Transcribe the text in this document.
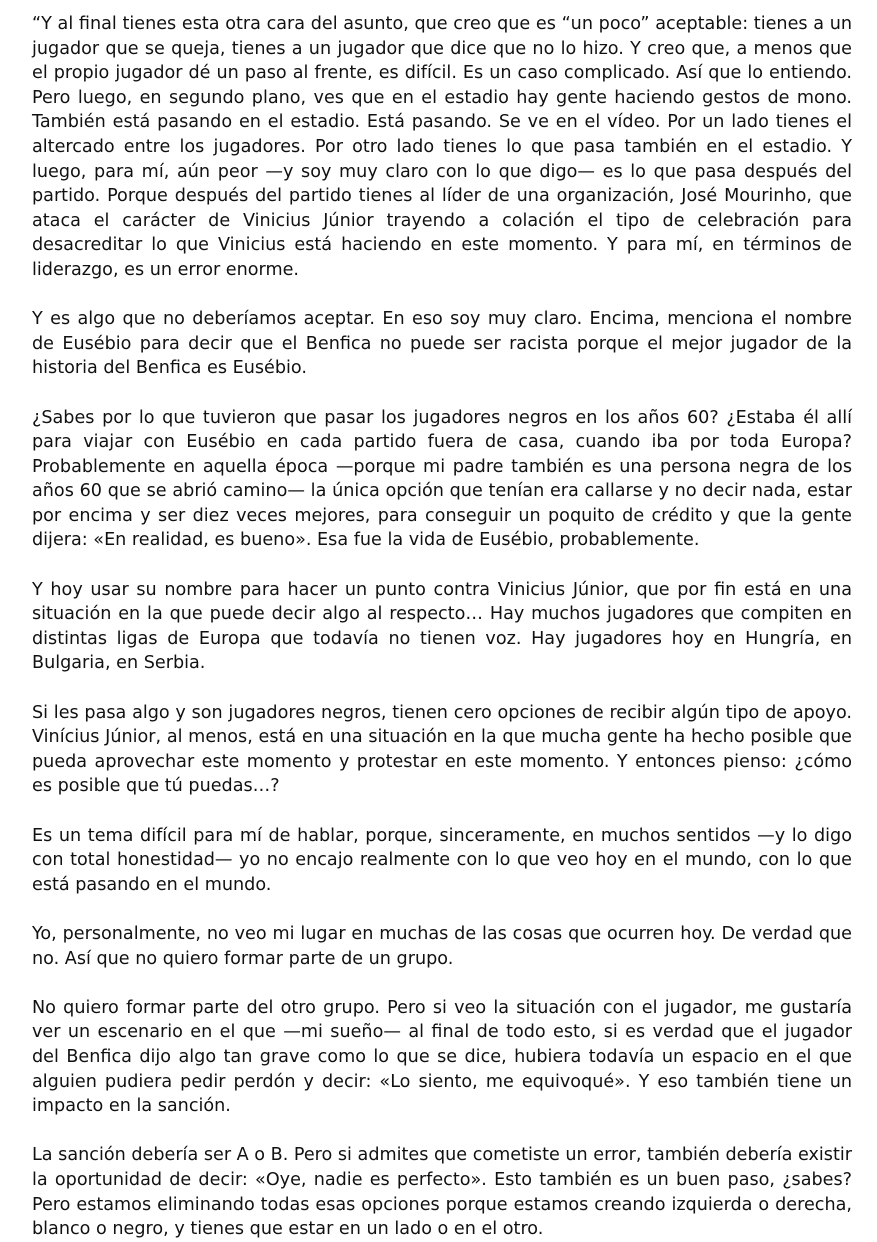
“Y al final tienes esta otra cara del asunto, que creo que es “un poco” aceptable: tienes a un jugador que se queja, tienes a un jugador que dice que no lo hizo. Y creo que, a menos que el propio jugador dé un paso al frente, es difícil. Es un caso complicado. Así que lo entiendo. Pero luego, en segundo plano, ves que en el estadio hay gente haciendo gestos de mono. También está pasando en el estadio. Está pasando. Se ve en el vídeo. Por un lado tienes el altercado entre los jugadores. Por otro lado tienes lo que pasa también en el estadio. Y luego, para mí, aún peor —y soy muy claro con lo que digo— es lo que pasa después del partido. Porque después del partido tienes al líder de una organización, José Mourinho, que ataca el carácter de Vinicius Júnior trayendo a colación el tipo de celebración para desacreditar lo que Vinicius está haciendo en este momento. Y para mí, en términos de liderazgo, es un error enorme.

Y es algo que no deberíamos aceptar. En eso soy muy claro. Encima, menciona el nombre de Eusébio para decir que el Benfica no puede ser racista porque el mejor jugador de la historia del Benfica es Eusébio.

¿Sabes por lo que tuvieron que pasar los jugadores negros en los años 60? ¿Estaba él allí para viajar con Eusébio en cada partido fuera de casa, cuando iba por toda Europa? Probablemente en aquella época —porque mi padre también es una persona negra de los años 60 que se abrió camino— la única opción que tenían era callarse y no decir nada, estar por encima y ser diez veces mejores, para conseguir un poquito de crédito y que la gente dijera: «En realidad, es bueno». Esa fue la vida de Eusébio, probablemente.

Y hoy usar su nombre para hacer un punto contra Vinicius Júnior, que por fin está en una situación en la que puede decir algo al respecto… Hay muchos jugadores que compiten en distintas ligas de Europa que todavía no tienen voz. Hay jugadores hoy en Hungría, en Bulgaria, en Serbia.

Si les pasa algo y son jugadores negros, tienen cero opciones de recibir algún tipo de apoyo. Vinícius Júnior, al menos, está en una situación en la que mucha gente ha hecho posible que pueda aprovechar este momento y protestar en este momento. Y entonces pienso: ¿cómo es posible que tú puedas…?

Es un tema difícil para mí de hablar, porque, sinceramente, en muchos sentidos —y lo digo con total honestidad— yo no encajo realmente con lo que veo hoy en el mundo, con lo que está pasando en el mundo.

Yo, personalmente, no veo mi lugar en muchas de las cosas que ocurren hoy. De verdad que no. Así que no quiero formar parte de un grupo.

No quiero formar parte del otro grupo. Pero si veo la situación con el jugador, me gustaría ver un escenario en el que —mi sueño— al final de todo esto, si es verdad que el jugador del Benfica dijo algo tan grave como lo que se dice, hubiera todavía un espacio en el que alguien pudiera pedir perdón y decir: «Lo siento, me equivoqué». Y eso también tiene un impacto en la sanción.

La sanción debería ser A o B. Pero si admites que cometiste un error, también debería existir la oportunidad de decir: «Oye, nadie es perfecto». Esto también es un buen paso, ¿sabes? Pero estamos eliminando todas esas opciones porque estamos creando izquierda o derecha, blanco o negro, y tienes que estar en un lado o en el otro.
